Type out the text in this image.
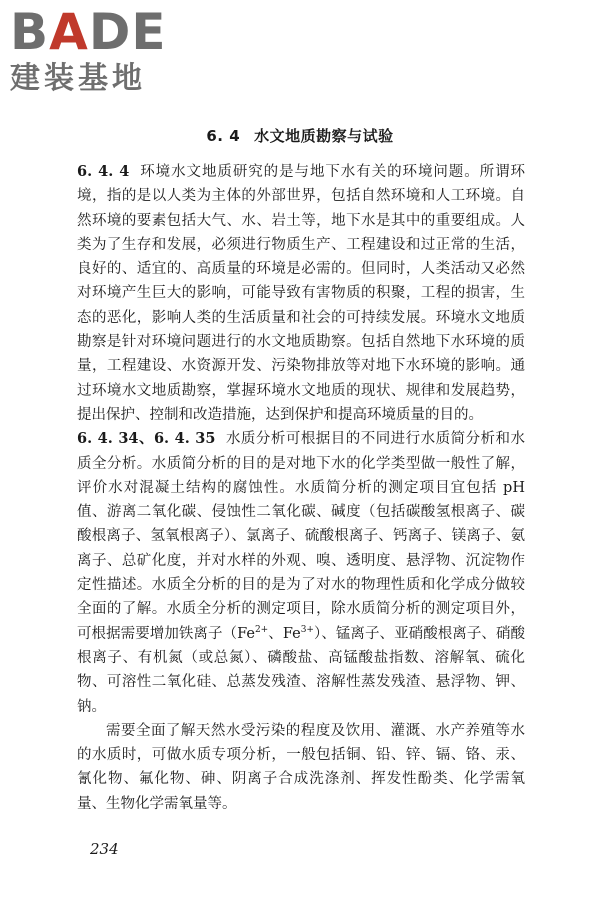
BADE
建装基地
6. 4 水文地质勘察与试验

6. 4. 4 环境水文地质研究的是与地下水有关的环境问题。所谓环境，指的是以人类为主体的外部世界，包括自然环境和人工环境。自然环境的要素包括大气、水、岩土等，地下水是其中的重要组成。人类为了生存和发展，必须进行物质生产、工程建设和过正常的生活，良好的、适宜的、高质量的环境是必需的。但同时，人类活动又必然对环境产生巨大的影响，可能导致有害物质的积聚，工程的损害，生态的恶化，影响人类的生活质量和社会的可持续发展。环境水文地质勘察是针对环境问题进行的水文地质勘察。包括自然地下水环境的质量，工程建设、水资源开发、污染物排放等对地下水环境的影响。通过环境水文地质勘察，掌握环境水文地质的现状、规律和发展趋势，提出保护、控制和改造措施，达到保护和提高环境质量的目的。

6. 4. 34、6. 4. 35 水质分析可根据目的不同进行水质简分析和水质全分析。水质简分析的目的是对地下水的化学类型做一般性了解，评价水对混凝土结构的腐蚀性。水质简分析的测定项目宜包括 pH 值、游离二氧化碳、侵蚀性二氧化碳、碱度（包括碳酸氢根离子、碳酸根离子、氢氧根离子）、氯离子、硫酸根离子、钙离子、镁离子、氨离子、总矿化度，并对水样的外观、嗅、透明度、悬浮物、沉淀物作定性描述。水质全分析的目的是为了对水的物理性质和化学成分做较全面的了解。水质全分析的测定项目，除水质简分析的测定项目外，可根据需要增加铁离子（$Fe^{2+}$、$Fe^{3+}$）、锰离子、亚硝酸根离子、硝酸根离子、有机氮（或总氮）、磷酸盐、高锰酸盐指数、溶解氧、硫化物、可溶性二氧化硅、总蒸发残渣、溶解性蒸发残渣、悬浮物、钾、钠。

需要全面了解天然水受污染的程度及饮用、灌溉、水产养殖等水的水质时，可做水质专项分析，一般包括铜、铅、锌、镉、铬、汞、氰化物、氟化物、砷、阴离子合成洗涤剂、挥发性酚类、化学需氧量、生物化学需氧量等。

234
